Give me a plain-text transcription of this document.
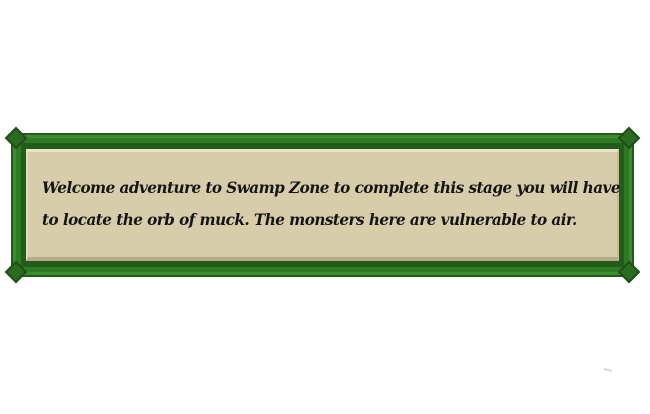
Welcome adventure to Swamp Zone to complete this stage you will have
to locate the orb of muck. The monsters here are vulnerable to air.
